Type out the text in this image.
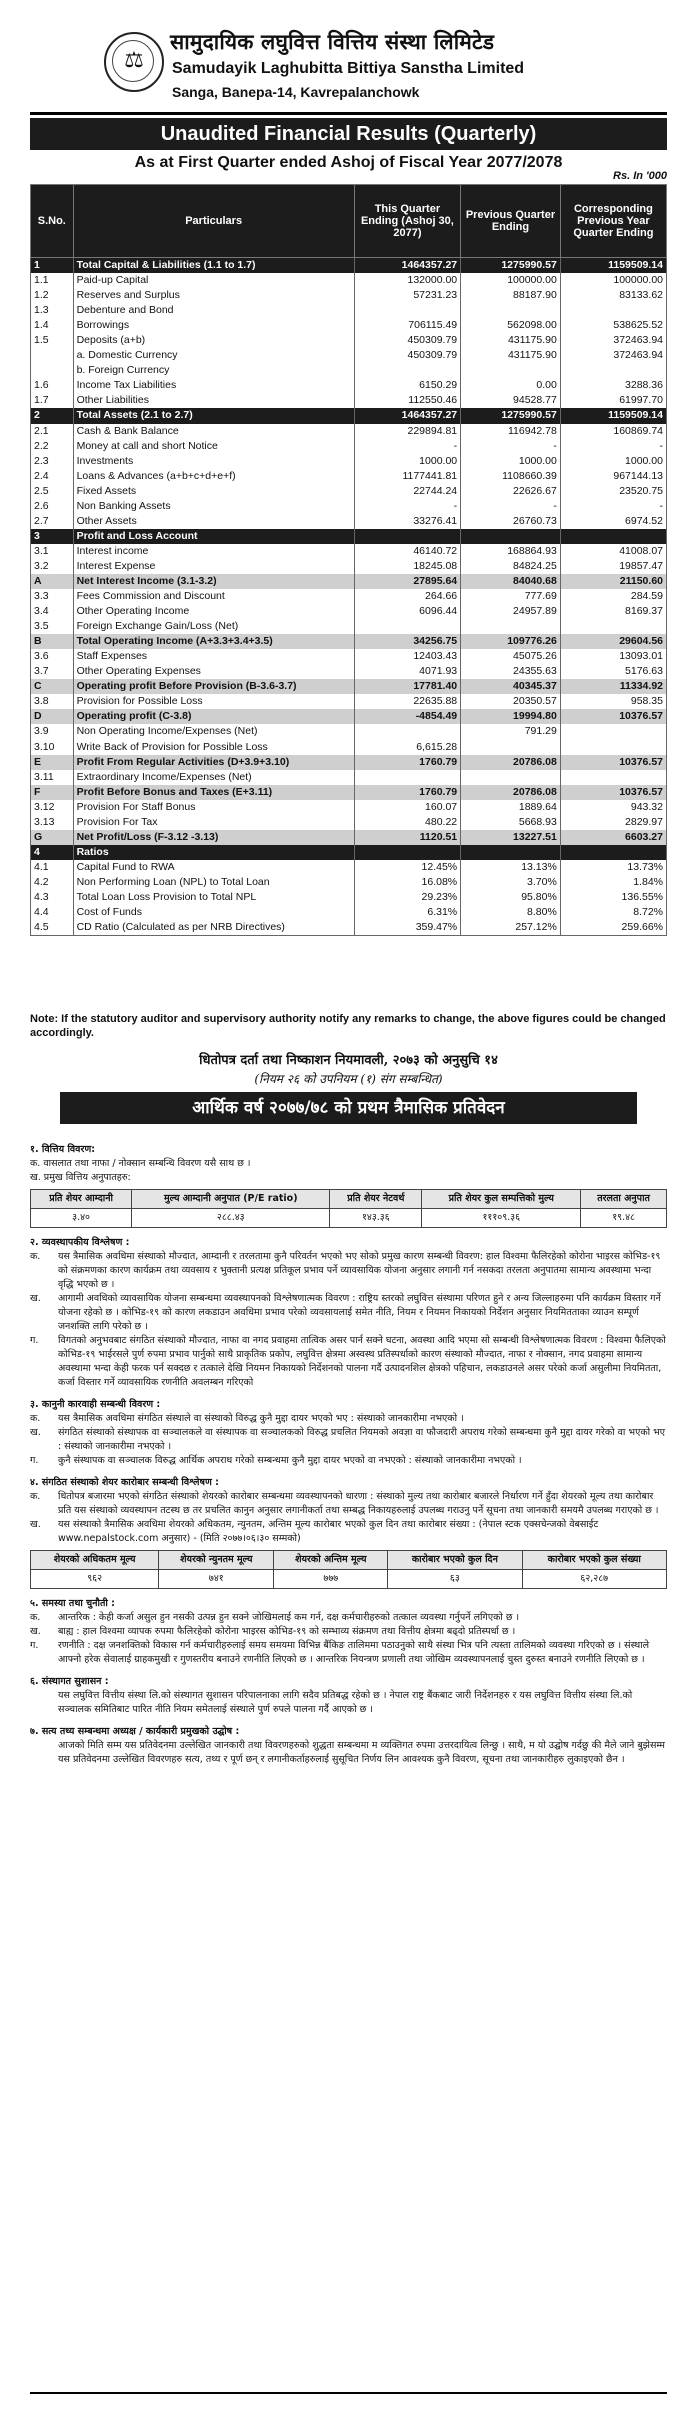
⚖
सामुदायिक लघुवित्त वित्तिय संस्था लिमिटेड
Samudayik Laghubitta Bittiya Sanstha Limited
Sanga, Banepa-14, Kavrepalanchowk
Unaudited Financial Results (Quarterly)
As at First Quarter ended Ashoj of Fiscal Year 2077/2078
Rs. In '000
S.No.	Particulars	This Quarter Ending (Ashoj 30, 2077)	Previous Quarter Ending	Corresponding Previous Year Quarter Ending
1	Total Capital & Liabilities (1.1 to 1.7)	1464357.27	1275990.57	1159509.14
1.1	Paid-up Capital	132000.00	100000.00	100000.00
1.2	Reserves and Surplus	57231.23	88187.90	83133.62
1.3	Debenture and Bond			
1.4	Borrowings	706115.49	562098.00	538625.52
1.5	Deposits (a+b)	450309.79	431175.90	372463.94
	a. Domestic Currency	450309.79	431175.90	372463.94
	b. Foreign Currency			
1.6	Income Tax Liabilities	6150.29	0.00	3288.36
1.7	Other Liabilities	112550.46	94528.77	61997.70
2	Total Assets (2.1 to 2.7)	1464357.27	1275990.57	1159509.14
2.1	Cash & Bank Balance	229894.81	116942.78	160869.74
2.2	Money at call and short Notice	-	-	-
2.3	Investments	1000.00	1000.00	1000.00
2.4	Loans & Advances (a+b+c+d+e+f)	1177441.81	1108660.39	967144.13
2.5	Fixed Assets	22744.24	22626.67	23520.75
2.6	Non Banking Assets	-	-	-
2.7	Other Assets	33276.41	26760.73	6974.52
3	Profit and Loss Account			
3.1	Interest income	46140.72	168864.93	41008.07
3.2	Interest Expense	18245.08	84824.25	19857.47
A	Net Interest Income (3.1-3.2)	27895.64	84040.68	21150.60
3.3	Fees Commission and Discount	264.66	777.69	284.59
3.4	Other Operating Income	6096.44	24957.89	8169.37
3.5	Foreign Exchange Gain/Loss (Net)			
B	Total Operating Income (A+3.3+3.4+3.5)	34256.75	109776.26	29604.56
3.6	Staff Expenses	12403.43	45075.26	13093.01
3.7	Other Operating Expenses	4071.93	24355.63	5176.63
C	Operating profit Before Provision (B-3.6-3.7)	17781.40	40345.37	11334.92
3.8	Provision for Possible Loss	22635.88	20350.57	958.35
D	Operating profit (C-3.8)	-4854.49	19994.80	10376.57
3.9	Non Operating Income/Expenses (Net)		791.29	
3.10	Write Back of Provision for Possible Loss	6,615.28		
E	Profit From Regular Activities (D+3.9+3.10)	1760.79	20786.08	10376.57
3.11	Extraordinary Income/Expenses (Net)			
F	Profit Before Bonus and Taxes (E+3.11)	1760.79	20786.08	10376.57
3.12	Provision For Staff Bonus	160.07	1889.64	943.32
3.13	Provision For Tax	480.22	5668.93	2829.97
G	Net Profit/Loss (F-3.12 -3.13)	1120.51	13227.51	6603.27
4	Ratios			
4.1	Capital Fund to RWA	12.45%	13.13%	13.73%
4.2	Non Performing Loan (NPL) to Total Loan	16.08%	3.70%	1.84%
4.3	Total Loan Loss Provision to Total NPL	29.23%	95.80%	136.55%
4.4	Cost of Funds	6.31%	8.80%	8.72%
4.5	CD Ratio (Calculated as per NRB Directives)	359.47%	257.12%	259.66%
Note: If the statutory auditor and supervisory authority notify any remarks to change, the above figures could be changed accordingly.
धितोपत्र दर्ता तथा निष्काशन नियमावली, २०७३ को अनुसुचि १४
(नियम २६ को उपनियम (१) संग सम्बन्धित)
आर्थिक वर्ष २०७७/७८ को प्रथम त्रैमासिक प्रतिवेदन
१. वित्तिय विवरण:
क. वासलात तथा नाफा / नोक्सान सम्बन्धि विवरण यसै साथ छ ।
ख. प्रमुख वित्तिय अनुपातहरु:
प्रति शेयर आम्दानी	मुल्य आम्दानी अनुपात (P/E ratio)	प्रति शेयर नेटवर्थ	प्रति शेयर कुल सम्पत्तिको मुल्य	तरलता अनुपात
३.४०	२८८.४३	१४३.३६	१११०९.३६	१९.४८
२. व्यवस्थापकीय विश्लेषण :
क.	यस त्रैमासिक अवधिमा संस्थाको मौज्दात, आम्दानी र तरलतामा कुनै परिवर्तन भएको भए सोको प्रमुख कारण सम्बन्धी विवरण: हाल विश्वमा फैलिरहेको कोरोना भाइरस कोभिड-१९ को संक्रमणका कारण कार्यक्रम तथा व्यवसाय र भुक्तानी प्रत्यक्ष प्रतिकूल प्रभाव पर्ने व्यावसायिक योजना अनुसार लगानी गर्न नसकदा तरलता अनुपातमा सामान्य अवस्थामा भन्दा वृद्धि भएको छ ।
ख.	आगामी अवधिको व्यावसायिक योजना सम्बन्धमा व्यवस्थापनको विश्लेषणात्मक विवरण : राष्ट्रिय स्तरको लघुवित्त संस्थामा परिणत हुने र अन्य जिल्लाहरुमा पनि कार्यक्रम विस्तार गर्ने योजना रहेको छ । कोभिड-१९ को कारण लकडाउन अवधिमा प्रभाव परेको व्यवसायलाई समेत नीति, नियम र नियमन निकायको निर्देशन अनुसार नियमितताका व्याउन सम्पूर्ण जनशक्ति लागि परेको छ ।
ग.	विगतको अनुभवबाट संगठित संस्थाको मौज्दात, नाफा वा नगद प्रवाहमा तात्विक असर पार्न सक्ने घटना, अवस्था आदि भएमा सो सम्बन्धी विश्लेषणात्मक विवरण : विश्वमा फैलिएको कोभिड-१९ भाईरसले पुर्ण रुपमा प्रभाव पार्नुको साथै प्राकृतिक प्रकोप, लघुवित्त क्षेत्रमा अस्वस्थ प्रतिस्पर्धाको कारण संस्थाको मौज्दात, नाफा र नोक्सान, नगद प्रवाहमा सामान्य अवस्थामा भन्दा केही फरक पर्न सक्दछ र तत्काले देखि नियमन निकायको निर्देशनको पालना गर्दै उत्पादनशिल क्षेत्रको पहिचान, लकडाउनले असर परेको कर्जा असुलीमा नियमितता, कर्जा विस्तार गर्ने व्यावसायिक रणनीति अवलम्बन गरिएको
३. कानुनी कारवाही सम्बन्धी विवरण :
क.	यस त्रैमासिक अवधिमा संगठित संस्थाले वा संस्थाको विरुद्ध कुनै मुद्दा दायर भएको भए : संस्थाको जानकारीमा नभएको ।
ख.	संगठित संस्थाको संस्थापक वा सञ्चालकले वा संस्थापक वा सञ्चालकको विरुद्ध प्रचलित नियमको अवज्ञा वा फौजदारी अपराध गरेको सम्बन्धमा कुनै मुद्दा दायर गरेको वा भएको भए : संस्थाको जानकारीमा नभएको ।
ग.	कुनै संस्थापक वा सञ्चालक विरुद्ध आर्थिक अपराध गरेको सम्बन्धमा कुनै मुद्दा दायर भएको वा नभएको : संस्थाको जानकारीमा नभएको ।
४. संगठित संस्थाको शेयर कारोबार सम्बन्धी विश्लेषण :
क.	धितोपत्र बजारमा भएको संगठित संस्थाको शेयरको कारोबार सम्बन्धमा व्यवस्थापनको धारणा : संस्थाको मुल्य तथा कारोबार बजारले निर्धारण गर्ने हुँदा शेयरको मूल्य तथा कारोबार प्रति यस संस्थाको व्यवस्थापन तटस्थ छ तर प्रचलित कानुन अनुसार लगानीकर्ता तथा सम्बद्ध निकायहरुलाई उपलब्ध गराउनु पर्ने सूचना तथा जानकारी समयमै उपलब्ध गराएको छ ।
ख.	यस संस्थाको त्रैमासिक अवधिमा शेयरको अधिकतम, न्युनतम, अन्तिम मूल्य कारोबार भएको कुल दिन तथा कारोबार संख्या : (नेपाल स्टक एक्सचेन्जको वेबसाईट www.nepalstock.com अनुसार) - (मिति २०७७।०६।३० सम्मको)
शेयरको अधिकतम मूल्य	शेयरको न्युनतम मूल्य	शेयरको अन्तिम मूल्य	कारोबार भएको कुल दिन	कारोबार भएको कुल संख्या
९६२	७४१	७७७	६३	६२,२८७
५. समस्या तथा चुनौती :
क.	आन्तरिक : केही कर्जा असुल हुन नसकी उत्पन्न हुन सक्ने जोखिमलाई कम गर्न, दक्ष कर्मचारीहरुको तत्काल व्यवस्था गर्नुपर्ने लगिएको छ ।
ख.	बाह्य : हाल विश्वमा व्यापक रुपमा फैलिरहेको कोरोना भाइरस कोभिड-१९ को सम्भाव्य संक्रमण तथा वित्तीय क्षेत्रमा बढ्दो प्रतिस्पर्धा छ ।
ग.	रणनीति : दक्ष जनशक्तिको विकास गर्न कर्मचारीहरुलाई समय समयमा विभिन्न बैंकिङ तालिममा पठाउनुको साथै संस्था भित्र पनि त्यस्ता तालिमको व्यवस्था गरिएको छ । संस्थाले आफ्नो हरेक सेवालाई ग्राहकमुखी र गुणस्तरीय बनाउने रणनीति लिएको छ । आन्तरिक नियन्त्रण प्रणाली तथा जोखिम व्यवस्थापनलाई चुस्त दुरुस्त बनाउने रणनीति लिएको छ ।
६. संस्थागत सुशासन :
यस लघुवित्त वित्तीय संस्था लि.को संस्थागत सुशासन परिपालनाका लागि सदैव प्रतिबद्ध रहेको छ । नेपाल राष्ट्र बैंकबाट जारी निर्देशनहरु र यस लघुवित्त वित्तीय संस्था लि.को सञ्चालक समितिबाट पारित नीति नियम समेतलाई संस्थाले पुर्ण रुपले पालना गर्दै आएको छ ।
७. सत्य तथ्य सम्बन्धमा अध्यक्ष / कार्यकारी प्रमुखको उद्घोष :
आजको मिति सम्म यस प्रतिवेदनमा उल्लेखित जानकारी तथा विवरणहरुको शुद्धता सम्बन्धमा म व्यक्तिगत रुपमा उत्तरदायित्व लिन्छु । साथै, म यो उद्घोष गर्दछु की मैले जाने बुझेसम्म यस प्रतिवेदनमा उल्लेखित विवरणहरु सत्य, तथ्य र पूर्ण छन् र लगानीकर्ताहरुलाई सुसूचित निर्णय लिन आवश्यक कुनै विवरण, सूचना तथा जानकारीहरु लुकाइएको छैन ।
